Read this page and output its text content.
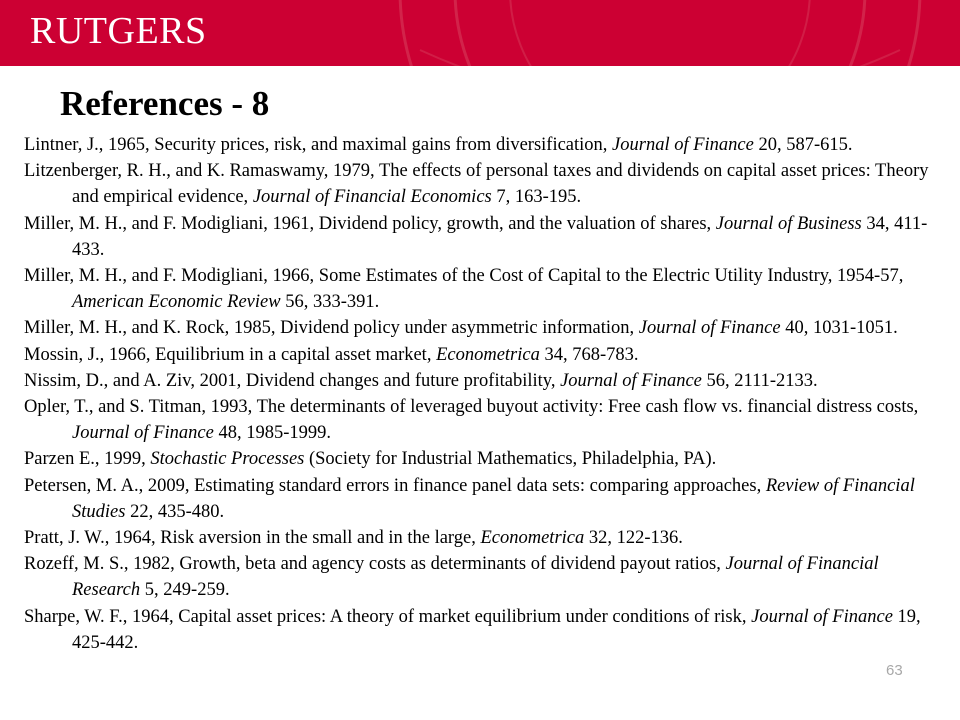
RUTGERS
References - 8
Lintner, J., 1965, Security prices, risk, and maximal gains from diversification, Journal of Finance 20, 587-615.
Litzenberger, R. H., and K. Ramaswamy, 1979, The effects of personal taxes and dividends on capital asset prices: Theory and empirical evidence, Journal of Financial Economics 7, 163-195.
Miller, M. H., and F. Modigliani, 1961, Dividend policy, growth, and the valuation of shares, Journal of Business 34, 411-433.
Miller, M. H., and F. Modigliani, 1966, Some Estimates of the Cost of Capital to the Electric Utility Industry, 1954-57, American Economic Review 56, 333-391.
Miller, M. H., and K. Rock, 1985, Dividend policy under asymmetric information, Journal of Finance 40, 1031-1051.
Mossin, J., 1966, Equilibrium in a capital asset market, Econometrica 34, 768-783.
Nissim, D., and A. Ziv, 2001, Dividend changes and future profitability, Journal of Finance 56, 2111-2133.
Opler, T., and S. Titman, 1993, The determinants of leveraged buyout activity: Free cash flow vs. financial distress costs, Journal of Finance 48, 1985-1999.
Parzen E., 1999, Stochastic Processes (Society for Industrial Mathematics, Philadelphia, PA).
Petersen, M. A., 2009, Estimating standard errors in finance panel data sets: comparing approaches, Review of Financial Studies 22, 435-480.
Pratt, J. W., 1964, Risk aversion in the small and in the large, Econometrica 32, 122-136.
Rozeff, M. S., 1982, Growth, beta and agency costs as determinants of dividend payout ratios, Journal of Financial Research 5, 249-259.
Sharpe, W. F., 1964, Capital asset prices: A theory of market equilibrium under conditions of risk, Journal of Finance 19, 425-442.
63
